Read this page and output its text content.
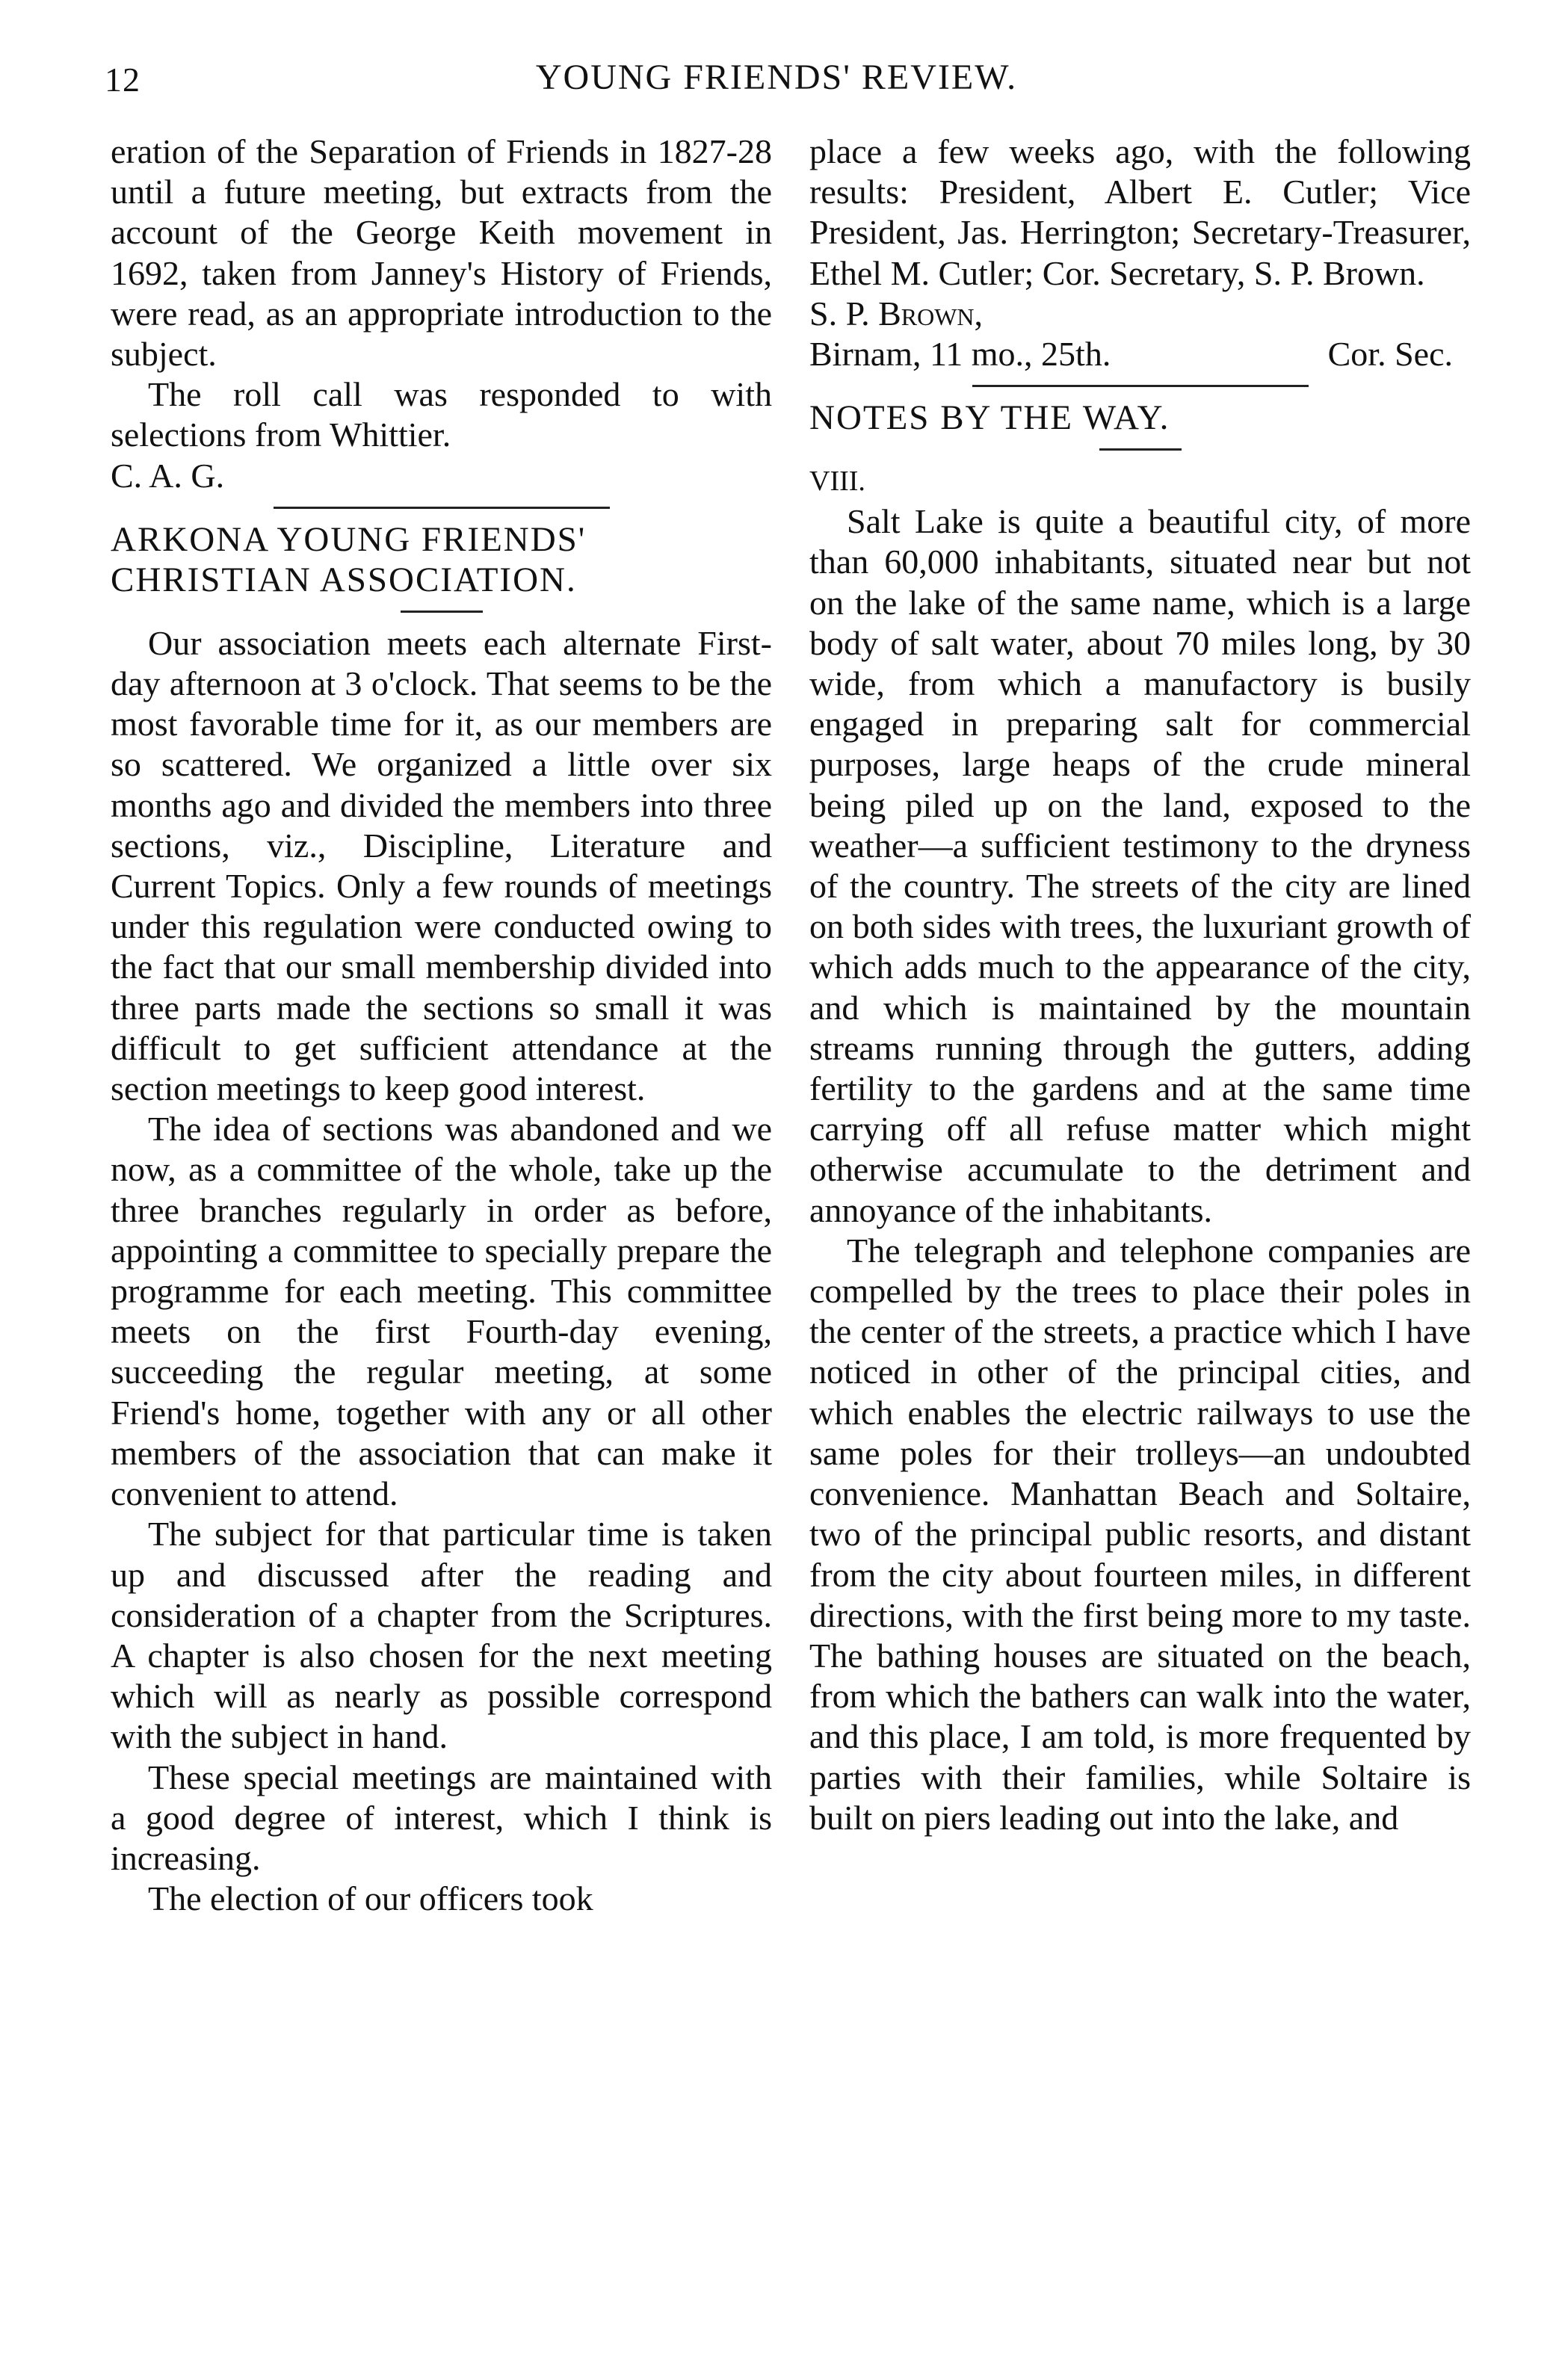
12	YOUNG FRIENDS' REVIEW.

eration of the Separation of Friends in 1827-28 until a future meeting, but extracts from the account of the George Keith movement in 1692, taken from Janney's History of Friends, were read, as an appropriate introduction to the subject.

The roll call was responded to with selections from Whittier.

C. A. G.

ARKONA YOUNG FRIENDS'

CHRISTIAN ASSOCIATION.

Our association meets each alternate First-day afternoon at 3 o'clock. That seems to be the most favorable time for it, as our members are so scattered. We organized a little over six months ago and divided the members into three sections, viz., Discipline, Literature and Current Topics. Only a few rounds of meetings under this regulation were conducted owing to the fact that our small membership divided into three parts made the sections so small it was difficult to get sufficient attendance at the section meetings to keep good interest.

The idea of sections was abandoned and we now, as a committee of the whole, take up the three branches regularly in order as before, appointing a committee to specially prepare the programme for each meeting. This committee meets on the first Fourth-day evening, succeeding the regular meeting, at some Friend's home, together with any or all other members of the association that can make it convenient to attend.

The subject for that particular time is taken up and discussed after the reading and consideration of a chapter from the Scriptures. A chapter is also chosen for the next meeting which will as nearly as possible correspond with the subject in hand.

These special meetings are maintained with a good degree of interest, which I think is increasing.

The election of our officers took

place a few weeks ago, with the following results: President, Albert E. Cutler; Vice President, Jas. Herrington; Secretary-Treasurer, Ethel M. Cutler; Cor. Secretary, S. P. Brown.

S. P. Brown,

Birnam, 11 mo., 25th.	Cor. Sec.

NOTES BY THE WAY.

VIII.

Salt Lake is quite a beautiful city, of more than 60,000 inhabitants, situated near but not on the lake of the same name, which is a large body of salt water, about 70 miles long, by 30 wide, from which a manufactory is busily engaged in preparing salt for commercial purposes, large heaps of the crude mineral being piled up on the land, exposed to the weather—a sufficient testimony to the dryness of the country. The streets of the city are lined on both sides with trees, the luxuriant growth of which adds much to the appearance of the city, and which is maintained by the mountain streams running through the gutters, adding fertility to the gardens and at the same time carrying off all refuse matter which might otherwise accumulate to the detriment and annoyance of the inhabitants.

The telegraph and telephone companies are compelled by the trees to place their poles in the center of the streets, a practice which I have noticed in other of the principal cities, and which enables the electric railways to use the same poles for their trolleys—an undoubted convenience. Manhattan Beach and Soltaire, two of the principal public resorts, and distant from the city about fourteen miles, in different directions, with the first being more to my taste. The bathing houses are situated on the beach, from which the bathers can walk into the water, and this place, I am told, is more frequented by parties with their families, while Soltaire is built on piers leading out into the lake, and
